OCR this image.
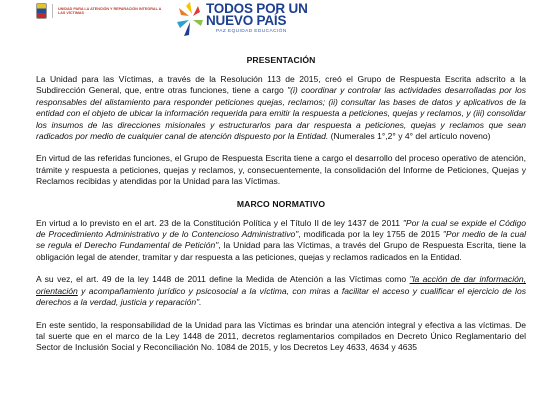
UNIDAD PARA LA ATENCIÓN Y REPARACIÓN INTEGRAL A LAS VÍCTIMAS	TODOS POR UN
NUEVO PAÍS
PAZ EQUIDAD EDUCACIÓN
PRESENTACIÓN

La Unidad para las Víctimas, a través de la Resolución 113 de 2015, creó el Grupo de Respuesta Escrita adscrito a la Subdirección General, que, entre otras funciones, tiene a cargo "(i) coordinar y controlar las actividades desarrolladas por los responsables del alistamiento para responder peticiones quejas, reclamos; (ii) consultar las bases de datos y aplicativos de la entidad con el objeto de ubicar la información requerida para emitir la respuesta a peticiones, quejas y reclamos, y (iii) consolidar los insumos de las direcciones misionales y estructurarlos para dar respuesta a peticiones, quejas y reclamos que sean radicados por medio de cualquier canal de atención dispuesto por la Entidad. (Numerales 1°,2° y 4° del artículo noveno)

En virtud de las referidas funciones, el Grupo de Respuesta Escrita tiene a cargo el desarrollo del proceso operativo de atención, trámite y respuesta a peticiones, quejas y reclamos, y, consecuentemente, la consolidación del Informe de Peticiones, Quejas y Reclamos recibidas y atendidas por la Unidad para las Víctimas.

MARCO NORMATIVO

En virtud a lo previsto en el art. 23 de la Constitución Política y el Título II de ley 1437 de 2011 "Por la cual se expide el Código de Procedimiento Administrativo y de lo Contencioso Administrativo", modificada por la ley 1755 de 2015 "Por medio de la cual se regula el Derecho Fundamental de Petición", la Unidad para las Víctimas, a través del Grupo de Respuesta Escrita, tiene la obligación legal de atender, tramitar y dar respuesta a las peticiones, quejas y reclamos radicados en la Entidad.

A su vez, el art. 49 de la ley 1448 de 2011 define la Medida de Atención a las Víctimas como "la acción de dar información, orientación y acompañamiento jurídico y psicosocial a la víctima, con miras a facilitar el acceso y cualificar el ejercicio de los derechos a la verdad, justicia y reparación".

En este sentido, la responsabilidad de la Unidad para las Víctimas es brindar una atención integral y efectiva a las víctimas. De tal suerte que en el marco de la Ley 1448 de 2011, decretos reglamentarios compilados en Decreto Único Reglamentario del Sector de Inclusión Social y Reconciliación No. 1084 de 2015, y los Decretos Ley 4633, 4634 y 4635
